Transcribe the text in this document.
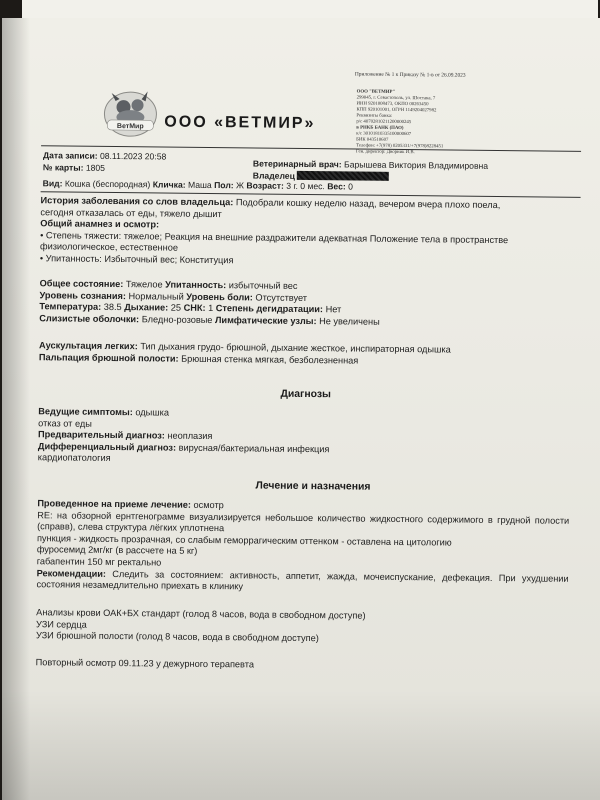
Приложение № 1 к Приказу № 1-в от 26.09.2023
ООО "ВЕТМИР"
299045, г. Севастополь, ул. Шостака, 7
ИНН 9201008473, ОКПО 00263450
КПП 920101001, ОГРН 1149204027982
Реквизиты банка:
р/с 40702810211200000245
в РНКБ БАНК (ПАО)
к/с 30101810335100000607
БИК 043510607
Телефон: +7(978) 0205331/+7(978)8228451
Ген. директор: Дворник И.В.
ВетМир ООО «ВЕТМИР»
Дата записи: 08.11.2023 20:58
№ карты: 1805	Ветеринарный врач: Барышева Виктория Владимировна
Владелец
Вид: Кошка (беспородная) Кличка: Маша Пол: Ж Возраст: 3 г. 0 мес. Вес: 0
История заболевания со слов владельца: Подобрали кошку неделю назад, вечером вчера плохо поела,
сегодня отказалась от еды, тяжело дышит
Общий анамнез и осмотр:
• Степень тяжести: тяжелое; Реакция на внешние раздражители адекватная Положение тела в пространстве
физиологическое, естественное
• Упитанность: Избыточный вес; Конституция
Общее состояние: Тяжелое Упитанность: избыточный вес
Уровень сознания: Нормальный Уровень боли: Отсутствует
Температура: 38.5 Дыхание: 25 СНК: 1 Степень дегидратации: Нет
Слизистые оболочки: Бледно-розовые Лимфатические узлы: Не увеличены
Аускультация легких: Тип дыхания грудо- брюшной, дыхание жесткое, инспираторная одышка
Пальпация брюшной полости: Брюшная стенка мягкая, безболезненная
Диагнозы
Ведущие симптомы: одышка
отказ от еды
Предварительный диагноз: неоплазия
Дифференциальный диагноз: вирусная/бактериальная инфекция
кардиопатология
Лечение и назначения
Проведенное на приеме лечение: осмотр
RE: на обзорной ернтгенограмме визуализируется небольшое количество жидкостного содержимого в грудной полости (справв), слева структура лёгких уплотнена
пункция - жидкость прозрачная, со слабым геморрагическим оттенком - оставлена на цитологию
фуросемид 2мг/кг (в рассчете на 5 кг)
габапентин 150 мг ректально
Рекомендации: Следить за состоянием: активность, аппетит, жажда, мочеиспускание, дефекация. При ухудшении состояния незамедлительно приехать в клинику
Анализы крови ОАК+БХ стандарт (голод 8 часов, вода в свободном доступе)
УЗИ сердца
УЗИ брюшной полости (голод 8 часов, вода в свободном доступе)
Повторный осмотр 09.11.23 у дежурного терапевта
